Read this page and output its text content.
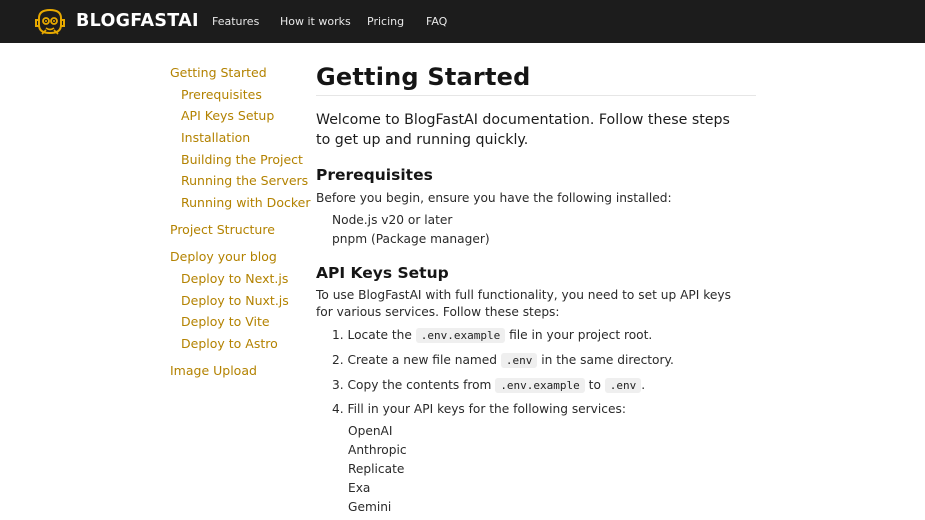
BLOGFASTAI Features How it works Pricing FAQ
Getting Started
Prerequisites
API Keys Setup
Installation
Building the Project
Running the Servers
Running with Docker
Project Structure
Deploy your blog
Deploy to Next.js
Deploy to Nuxt.js
Deploy to Vite
Deploy to Astro
Image Upload
Getting Started

Welcome to BlogFastAI documentation. Follow these steps to get up and running quickly.

Prerequisites

Before you begin, ensure you have the following installed:

Node.js v20 or later
pnpm (Package manager)
API Keys Setup

To use BlogFastAI with full functionality, you need to set up API keys for various services. Follow these steps:

1. Locate the .env.example file in your project root.
2. Create a new file named .env in the same directory.
3. Copy the contents from .env.example to .env .
4. Fill in your API keys for the following services:
OpenAI
Anthropic
Replicate
Exa
Gemini
